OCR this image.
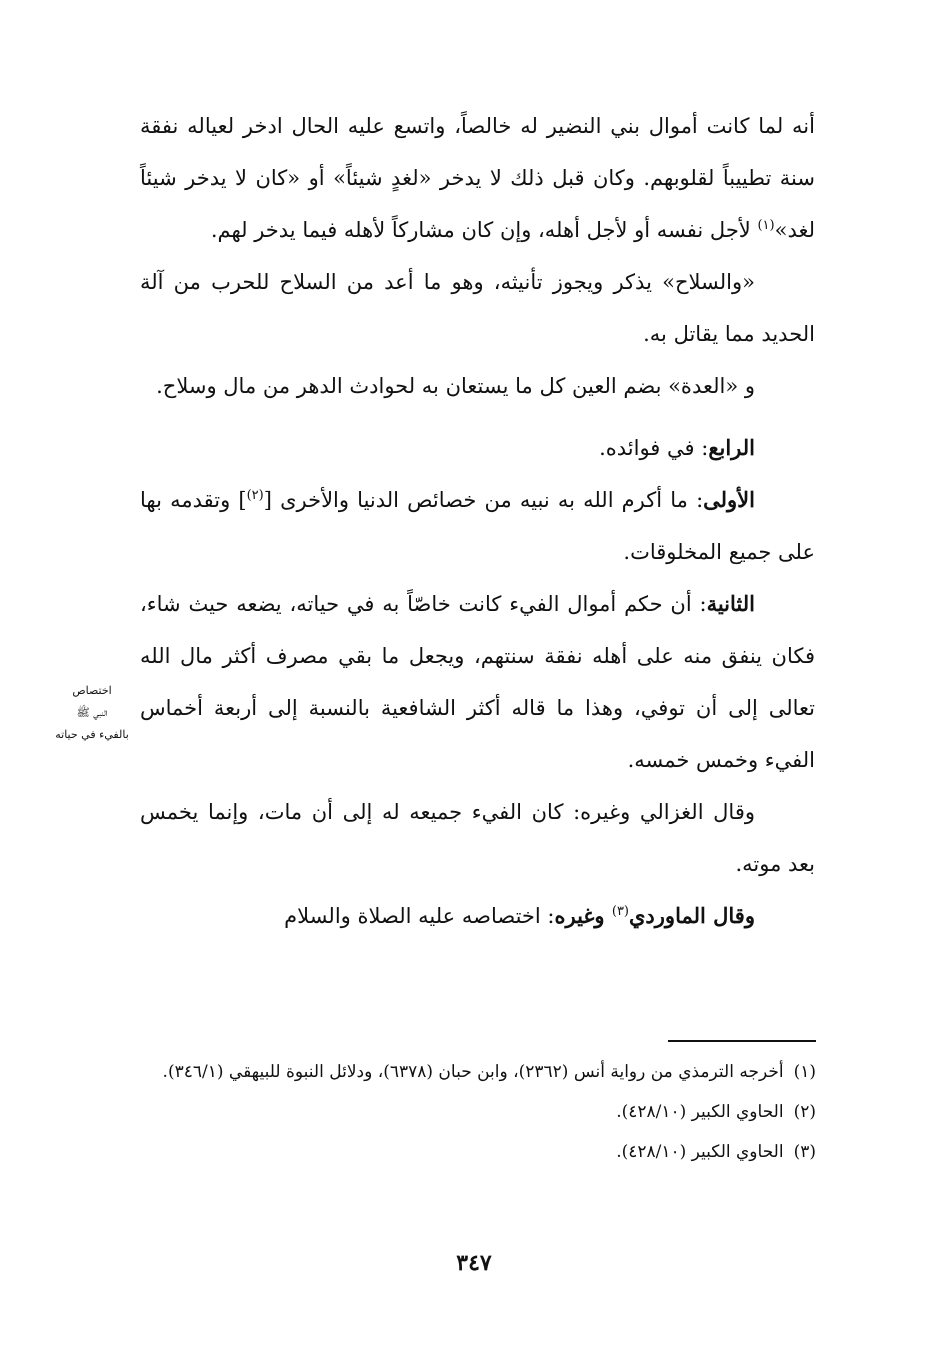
أنه لما كانت أموال بني النضير له خالصاً، واتسع عليه الحال ادخر لعياله نفقة سنة تطييباً لقلوبهم. وكان قبل ذلك لا يدخر «لغدٍ شيئاً» أو «كان لا يدخر شيئاً لغد»$^{(١)}$ لأجل نفسه أو لأجل أهله، وإن كان مشاركاً لأهله فيما يدخر لهم.

«والسلاح» يذكر ويجوز تأنيثه، وهو ما أعد من السلاح للحرب من آلة الحديد مما يقاتل به.

و «العدة» بضم العين كل ما يستعان به لحوادث الدهر من مال وسلاح.

الرابع: في فوائده.

الأولى: ما أكرم الله به نبيه من خصائص الدنيا والأخرى [$^{(٢)}$] وتقدمه بها على جميع المخلوقات.

الثانية: أن حكم أموال الفيء كانت خاصّاً به في حياته، يضعه حيث شاء، فكان ينفق منه على أهله نفقة سنتهم، ويجعل ما بقي مصرف أكثر مال الله تعالى إلى أن توفي، وهذا ما قاله أكثر الشافعية بالنسبة إلى أربعة أخماس الفيء وخمس خمسه.

وقال الغزالي وغيره: كان الفيء جميعه له إلى أن مات، وإنما يخمس بعد موته.

وقال الماوردي$^{(٣)}$ وغيره: اختصاصه عليه الصلاة والسلام

اختصاص
النبي ﷺ
بالفيء في حياته
(١)
أخرجه الترمذي من رواية أنس (٢٣٦٢)، وابن حبان (٦٣٧٨)، ودلائل النبوة للبيهقي (٣٤٦/١).
(٢)
الحاوي الكبير (٤٢٨/١٠).
(٣)
الحاوي الكبير (٤٢٨/١٠).
٣٤٧
